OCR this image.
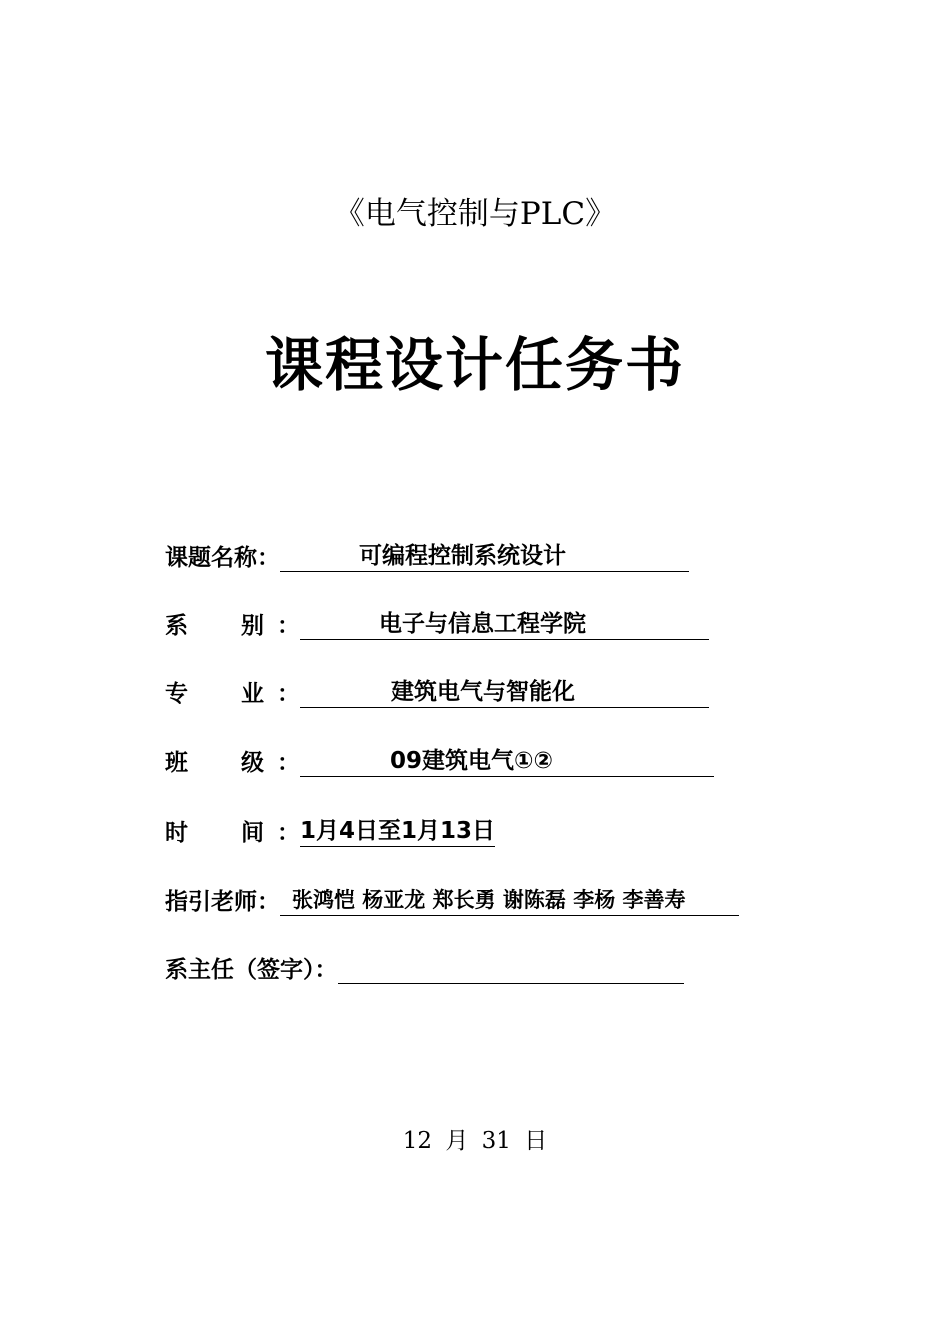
《电气控制与PLC》
课程设计任务书
课题名称：	可编程控制系统设计
系 别 ：	电子与信息工程学院
专 业 ：	建筑电气与智能化
班 级 ：	09建筑电气①②
时 间 ： 1月4日至1月13日
指引老师： 张鸿恺 杨亚龙 郑长勇 谢陈磊 李杨 李善寿
系主任（签字）：
12 月 31 日
